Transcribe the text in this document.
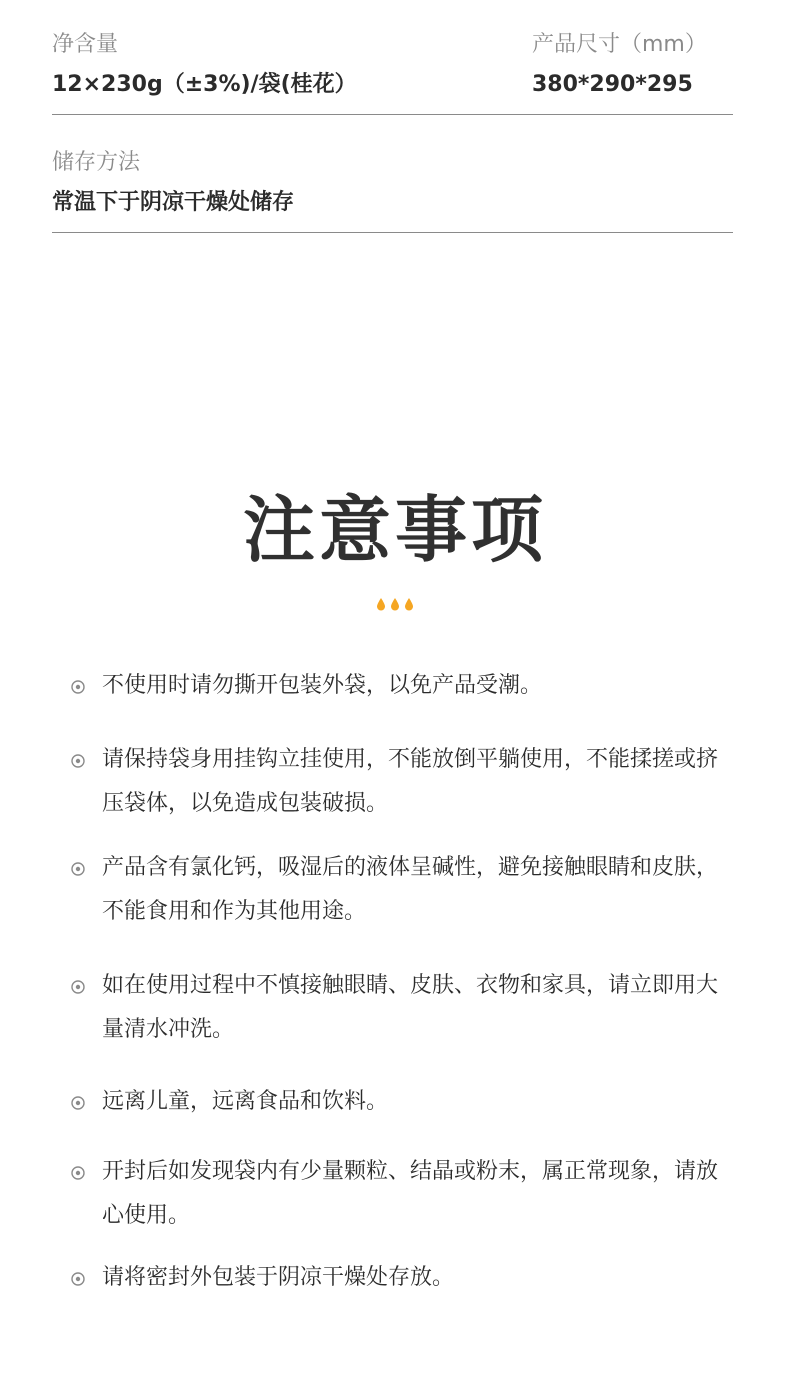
净含量
12×230g（±3%)/袋(桂花）
产品尺寸（mm）
380*290*295
储存方法
常温下于阴凉干燥处储存
注意事项
不使用时请勿撕开包装外袋，以免产品受潮。
请保持袋身用挂钩立挂使用，不能放倒平躺使用，不能揉搓或挤压袋体，以免造成包装破损。
产品含有氯化钙，吸湿后的液体呈碱性，避免接触眼睛和皮肤，不能食用和作为其他用途。
如在使用过程中不慎接触眼睛、皮肤、衣物和家具，请立即用大量清水冲洗。
远离儿童，远离食品和饮料。
开封后如发现袋内有少量颗粒、结晶或粉末，属正常现象，请放心使用。
请将密封外包装于阴凉干燥处存放。
